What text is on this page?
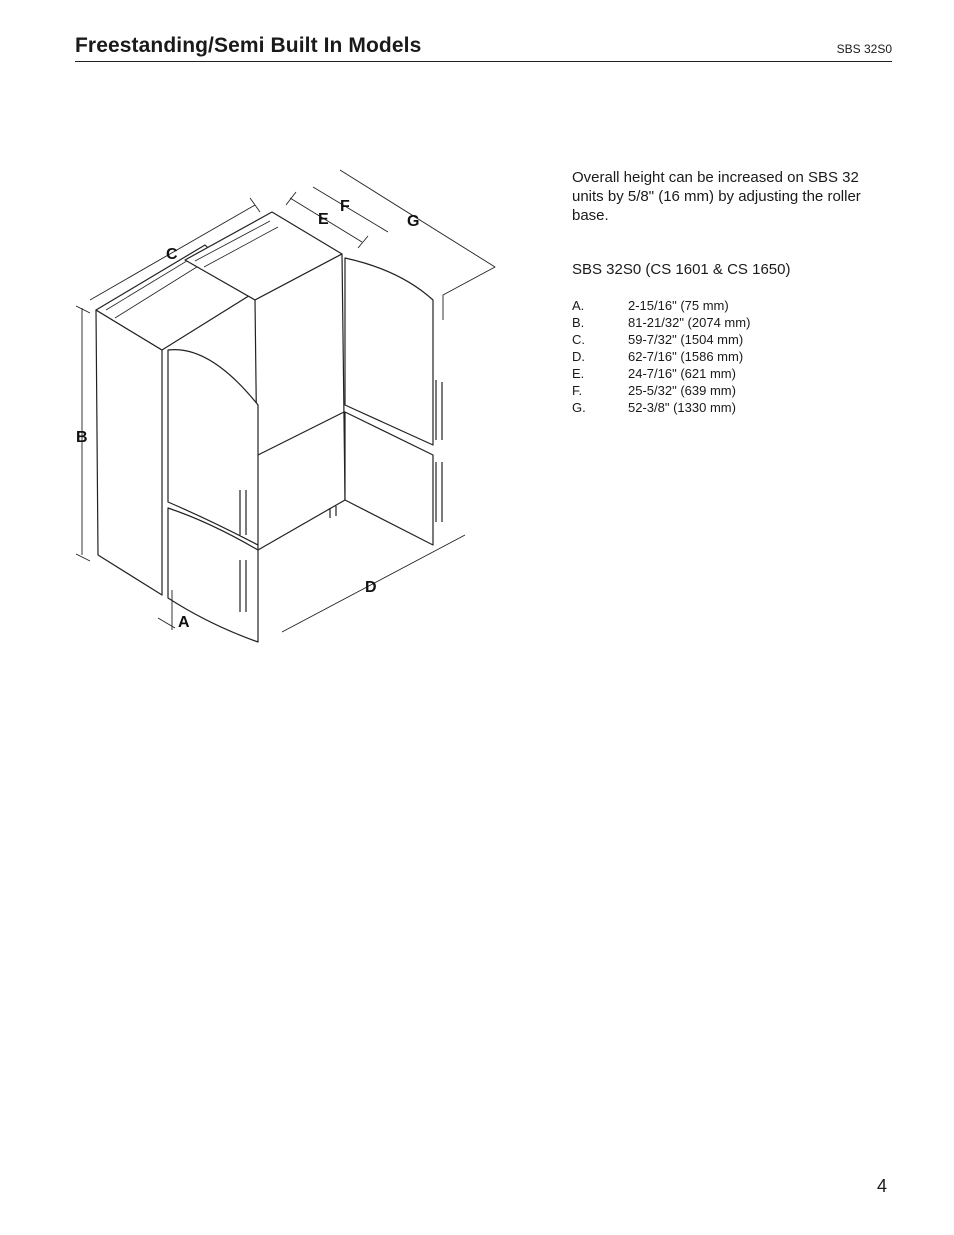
Freestanding/Semi Built In Models	SBS 32S0
C
E
F
G
B
D
A
Overall height can be increased on SBS 32 units by 5/8" (16 mm) by adjusting the roller base.
SBS 32S0 (CS 1601 & CS 1650)
A.	2-15/16" (75 mm)
B.	81-21/32" (2074 mm)
C.	59-7/32" (1504 mm)
D.	62-7/16" (1586 mm)
E.	24-7/16" (621 mm)
F.	25-5/32" (639 mm)
G.	52-3/8" (1330 mm)
4
